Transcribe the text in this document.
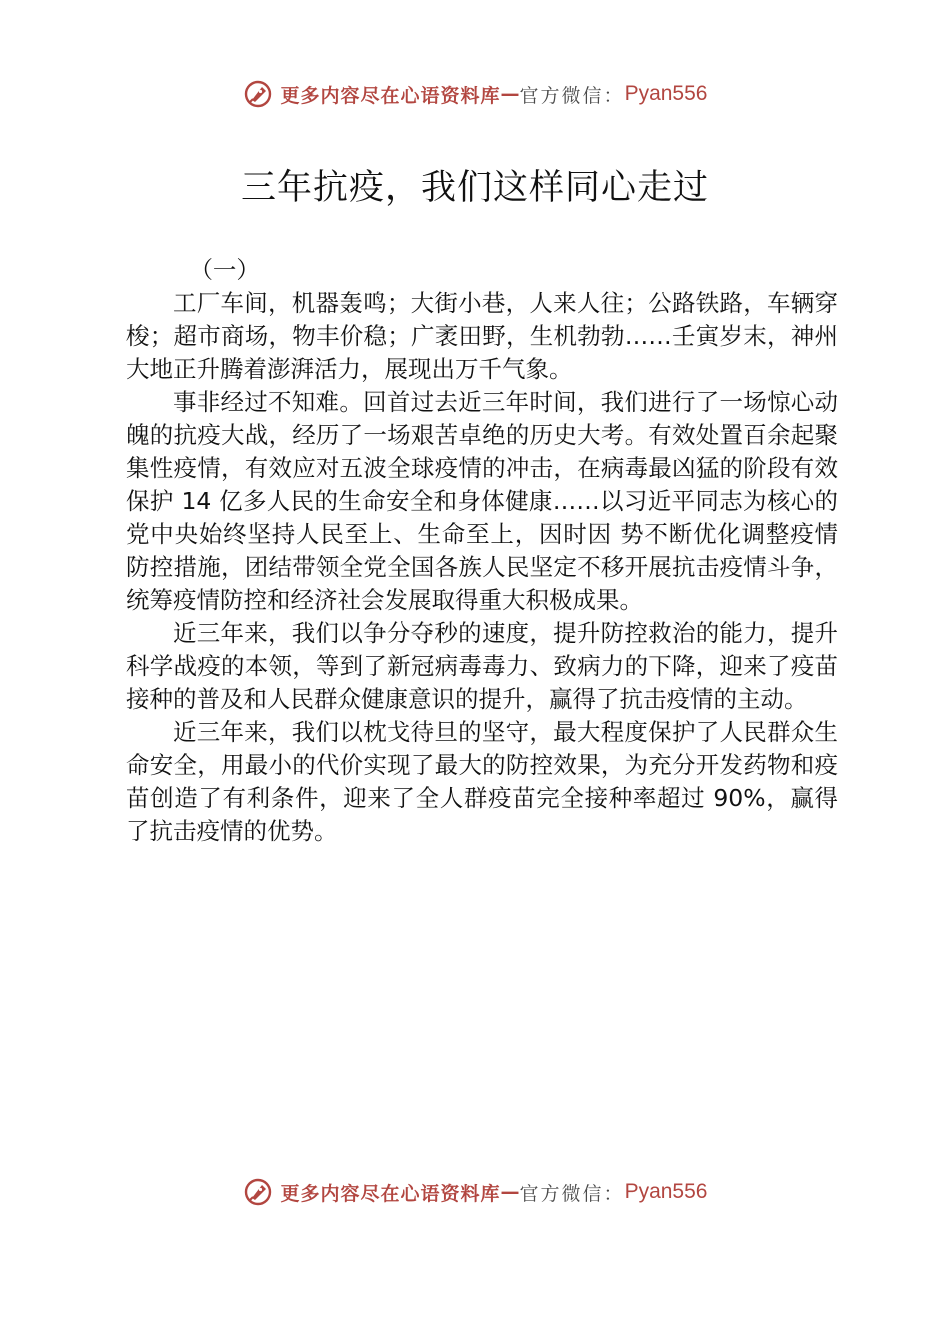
更多内容尽在心语资料库 — 官方微信： Pyan556
三年抗疫，我们这样同心走过

（一）

工厂车间，机器轰鸣；大街小巷，人来人往；公路铁路，车辆穿梭；超市商场，物丰价稳；广袤田野，生机勃勃……壬寅岁末，神州大地正升腾着澎湃活力，展现出万千气象。

事非经过不知难。回首过去近三年时间，我们进行了一场惊心动魄的抗疫大战，经历了一场艰苦卓绝的历史大考。有效处置百余起聚集性疫情，有效应对五波全球疫情的冲击，在病毒最凶猛的阶段有效保护 14 亿多人民的生命安全和身体健康……以习近平同志为核心的党中央始终坚持人民至上、生命至上，因时因 势不断优化调整疫情防控措施，团结带领全党全国各族人民坚定不移开展抗击疫情斗争，统筹疫情防控和经济社会发展取得重大积极成果。

近三年来，我们以争分夺秒的速度，提升防控救治的能力，提升科学战疫的本领，等到了新冠病毒毒力、致病力的下降，迎来了疫苗接种的普及和人民群众健康意识的提升，赢得了抗击疫情的主动。

近三年来，我们以枕戈待旦的坚守，最大程度保护了人民群众生命安全，用最小的代价实现了最大的防控效果，为充分开发药物和疫苗创造了有利条件，迎来了全人群疫苗完全接种率超过 90%，赢得了抗击疫情的优势。

更多内容尽在心语资料库 — 官方微信： Pyan556
